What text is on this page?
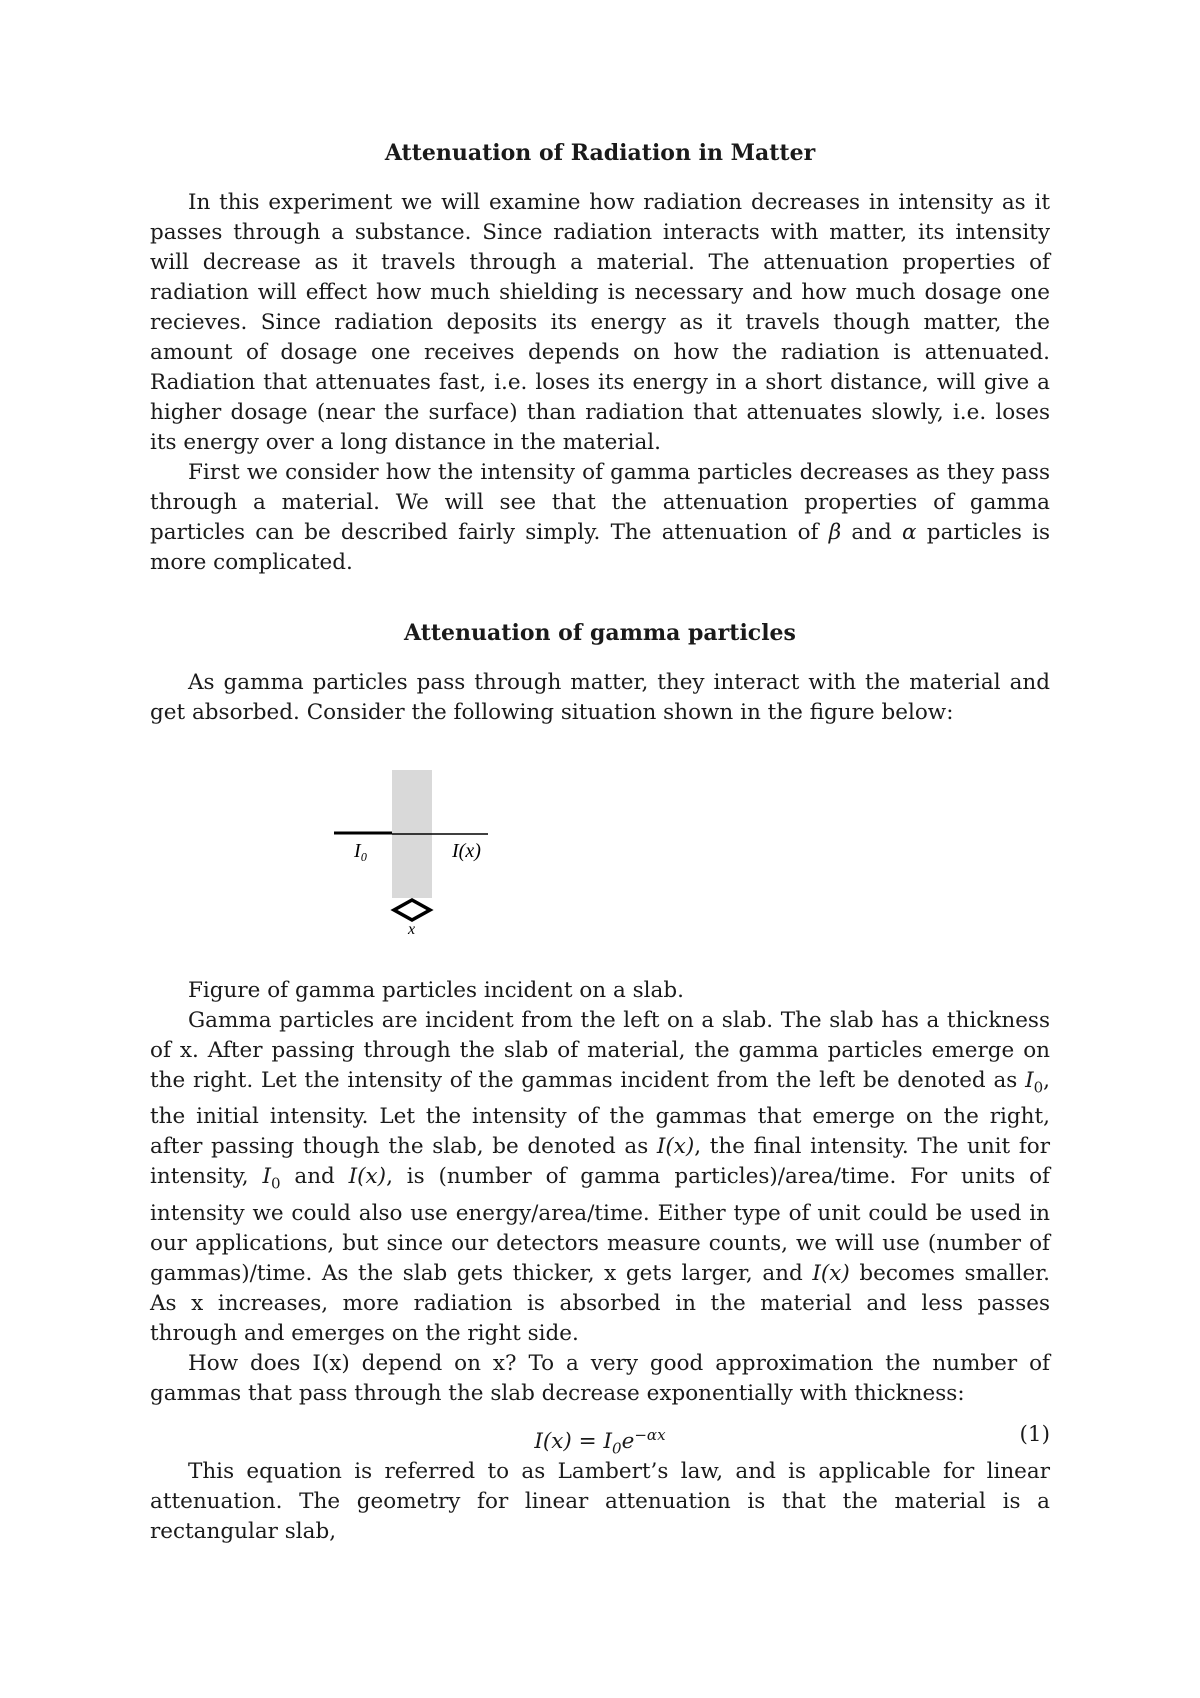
Attenuation of Radiation in Matter

In this experiment we will examine how radiation decreases in intensity as it passes through a substance. Since radiation interacts with matter, its intensity will decrease as it travels through a material. The attenuation properties of radiation will effect how much shielding is necessary and how much dosage one recieves. Since radiation deposits its energy as it travels though matter, the amount of dosage one receives depends on how the radiation is attenuated. Radiation that attenuates fast, i.e. loses its energy in a short distance, will give a higher dosage (near the surface) than radiation that attenuates slowly, i.e. loses its energy over a long distance in the material.

First we consider how the intensity of gamma particles decreases as they pass through a material. We will see that the attenuation properties of gamma particles can be described fairly simply. The attenuation of β and α particles is more complicated.

Attenuation of gamma particles

As gamma particles pass through matter, they interact with the material and get absorbed. Consider the following situation shown in the figure below:

I₀	I(x)
x

Figure of gamma particles incident on a slab.

Gamma particles are incident from the left on a slab. The slab has a thickness of x. After passing through the slab of material, the gamma particles emerge on the right. Let the intensity of the gammas incident from the left be denoted as $I_0$, the initial intensity. Let the intensity of the gammas that emerge on the right, after passing though the slab, be denoted as I(x), the final intensity. The unit for intensity, $I_0$ and I(x), is (number of gamma particles)/area/time. For units of intensity we could also use energy/area/time. Either type of unit could be used in our applications, but since our detectors measure counts, we will use (number of gammas)/time. As the slab gets thicker, x gets larger, and I(x) becomes smaller. As x increases, more radiation is absorbed in the material and less passes through and emerges on the right side.

How does I(x) depend on x? To a very good approximation the number of gammas that pass through the slab decrease exponentially with thickness:

$I(x) = I_0e^{-\alpha x}$	(1)

This equation is referred to as Lambert’s law, and is applicable for linear attenuation. The geometry for linear attenuation is that the material is a rectangular slab,
